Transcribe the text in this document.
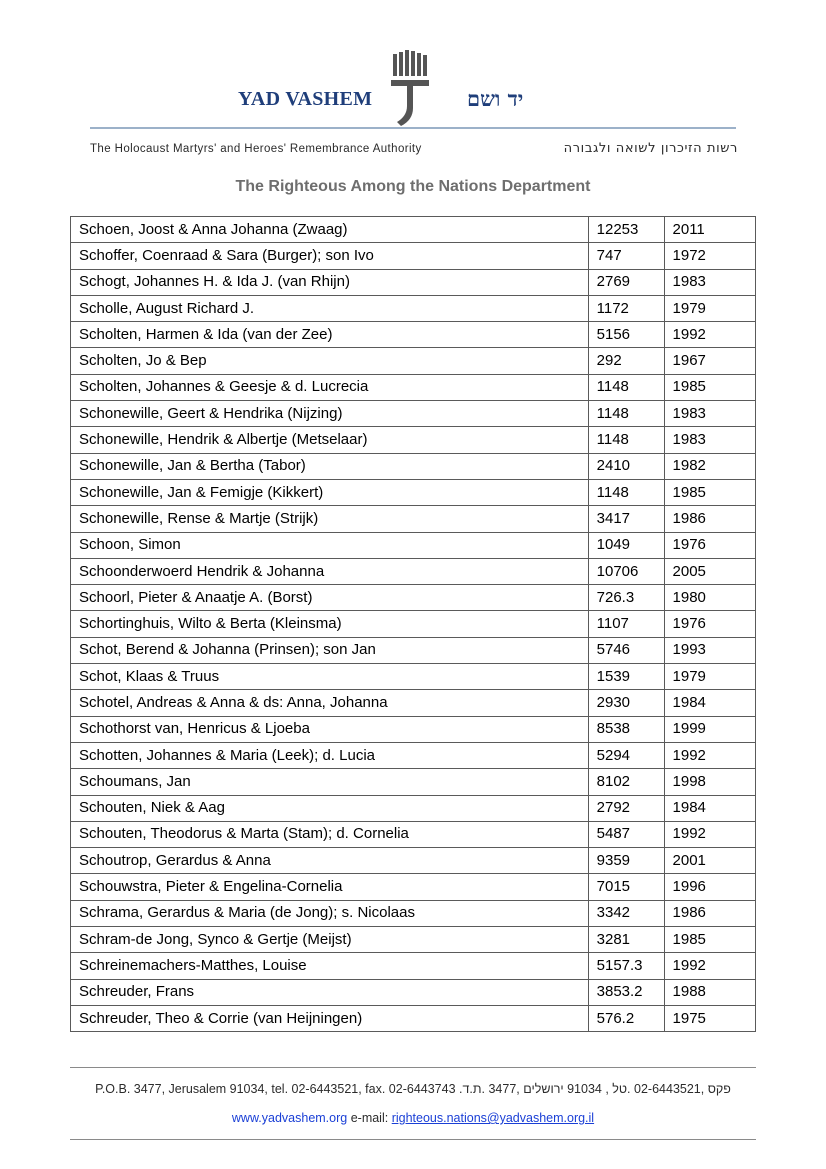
YAD VASHEM	יד ושם
The Holocaust Martyrs' and Heroes' Remembrance Authority	רשות הזיכרון לשואה ולגבורה
The Righteous Among the Nations Department
Schoen, Joost & Anna Johanna (Zwaag)	12253	2011
Schoffer, Coenraad & Sara (Burger); son Ivo	747	1972
Schogt, Johannes H. & Ida J. (van Rhijn)	2769	1983
Scholle, August Richard J.	1172	1979
Scholten, Harmen & Ida (van der Zee)	5156	1992
Scholten, Jo & Bep	292	1967
Scholten, Johannes & Geesje & d. Lucrecia	1148	1985
Schonewille, Geert & Hendrika (Nijzing)	1148	1983
Schonewille, Hendrik & Albertje (Metselaar)	1148	1983
Schonewille, Jan & Bertha (Tabor)	2410	1982
Schonewille, Jan & Femigje (Kikkert)	1148	1985
Schonewille, Rense & Martje (Strijk)	3417	1986
Schoon, Simon	1049	1976
Schoonderwoerd Hendrik & Johanna	10706	2005
Schoorl, Pieter & Anaatje A. (Borst)	726.3	1980
Schortinghuis, Wilto & Berta (Kleinsma)	1107	1976
Schot, Berend & Johanna (Prinsen); son Jan	5746	1993
Schot, Klaas & Truus	1539	1979
Schotel, Andreas & Anna & ds: Anna, Johanna	2930	1984
Schothorst van, Henricus & Ljoeba	8538	1999
Schotten, Johannes & Maria (Leek); d. Lucia	5294	1992
Schoumans, Jan	8102	1998
Schouten, Niek & Aag	2792	1984
Schouten, Theodorus & Marta (Stam); d. Cornelia	5487	1992
Schoutrop, Gerardus & Anna	9359	2001
Schouwstra, Pieter & Engelina-Cornelia	7015	1996
Schrama, Gerardus & Maria (de Jong); s. Nicolaas	3342	1986
Schram-de Jong, Synco & Gertje (Meijst)	3281	1985
Schreinemachers-Matthes, Louise	5157.3	1992
Schreuder, Frans	3853.2	1988
Schreuder, Theo & Corrie (van Heijningen)	576.2	1975
P.O.B. 3477, Jerusalem 91034, tel. 02-6443521, fax. 02-6443743 .פקס ,02-6443521 .טל , 91034 ירושלים ,3477 .ת.ד
www.yadvashem.org e-mail: righteous.nations@yadvashem.org.il
